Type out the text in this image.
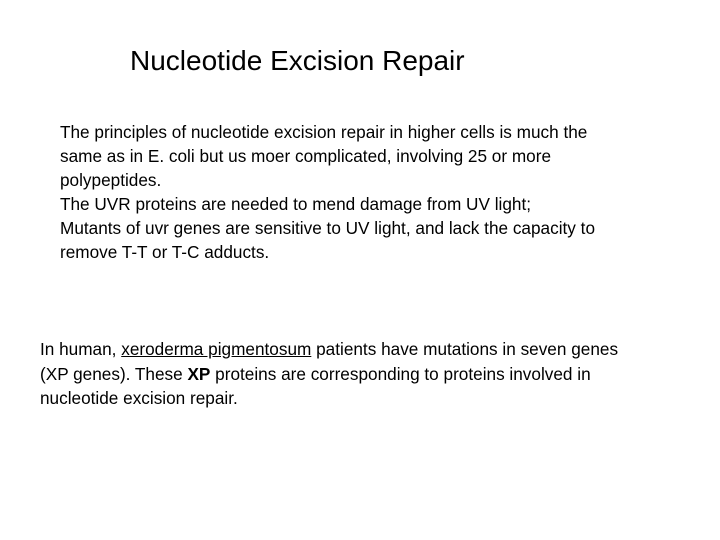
Nucleotide Excision Repair
The principles of nucleotide excision repair in higher cells is much the
same as in E. coli but us moer complicated, involving 25 or more
polypeptides.
The UVR proteins are needed to mend damage from UV light;
Mutants of uvr genes are sensitive to UV light, and lack the capacity to
remove T-T or T-C adducts.
In human, xeroderma pigmentosum patients have mutations in seven genes
(XP genes). These XP proteins are corresponding to proteins involved in
nucleotide excision repair.
